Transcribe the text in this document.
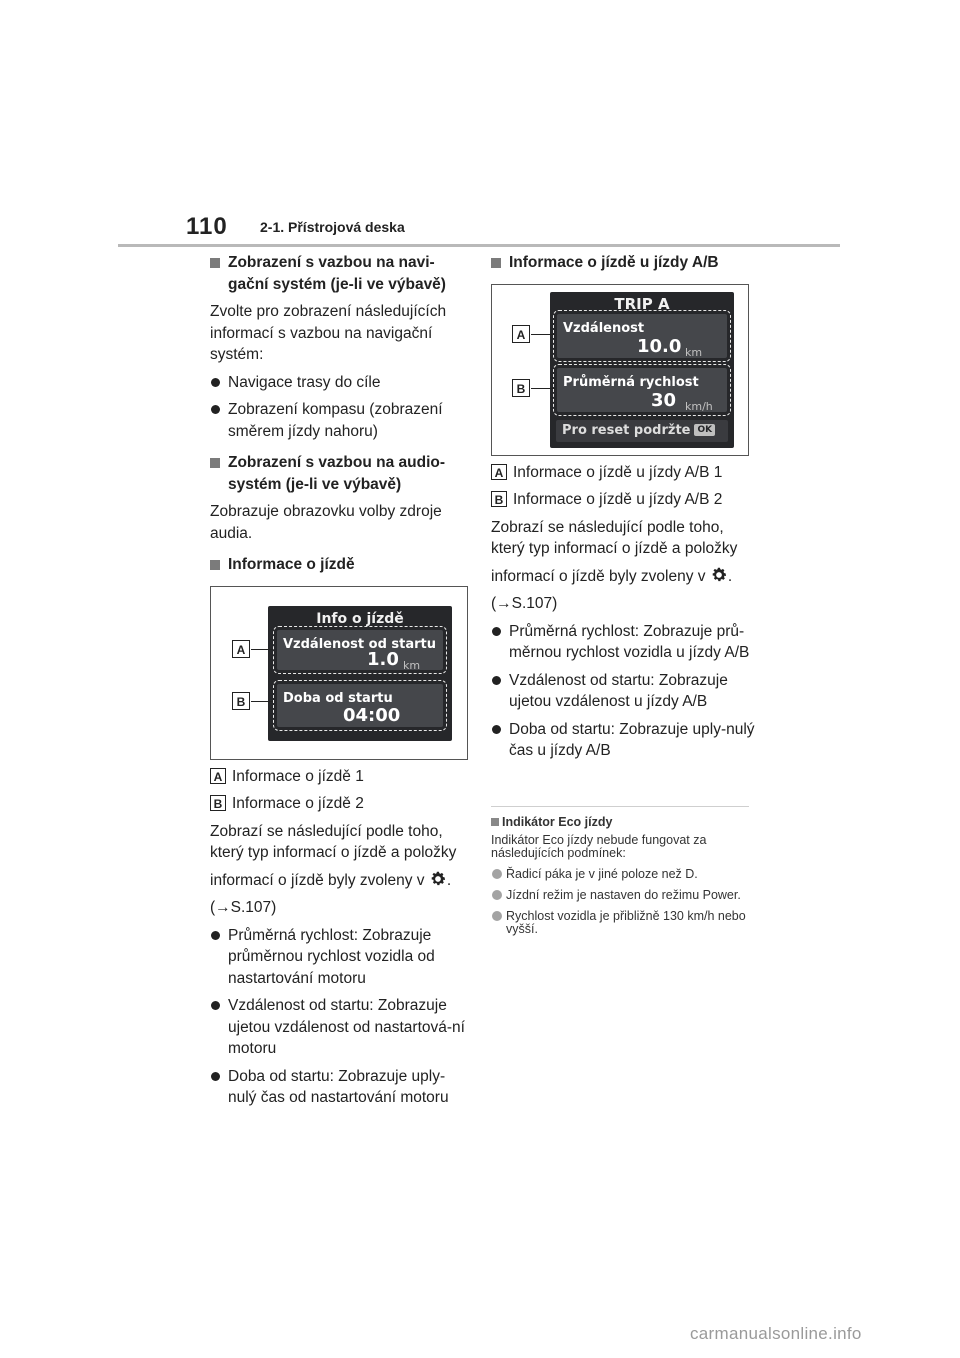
110 2-1. Přístrojová deska

Zobrazení s vazbou na navi-gační systém (je-li ve výbavě)

Zvolte pro zobrazení následujících informací s vazbou na navigační systém:

Navigace trasy do cíle

Zobrazení kompasu (zobrazení směrem jízdy nahoru)

Zobrazení s vazbou na audio-systém (je-li ve výbavě)

Zobrazuje obrazovku volby zdroje audia.

Informace o jízdě

Info o jízdě
Vzdálenost od startu
1.0 km
Doba od startu
04:00
A
B

A Informace o jízdě 1

B Informace o jízdě 2

Zobrazí se následující podle toho, který typ informací o jízdě a položky

informací o jízdě byly zvoleny v .

(→S.107)

Průměrná rychlost: Zobrazuje průměrnou rychlost vozidla od nastartování motoru

Vzdálenost od startu: Zobrazuje ujetou vzdálenost od nastartová-ní motoru

Doba od startu: Zobrazuje uply-nulý čas od nastartování motoru

Informace o jízdě u jízdy A/B

TRIP A
Vzdálenost
10.0 km
Průměrná rychlost
30 km/h
Pro reset podržte OK
A
B

A Informace o jízdě u jízdy A/B 1

B Informace o jízdě u jízdy A/B 2

Zobrazí se následující podle toho, který typ informací o jízdě a položky

informací o jízdě byly zvoleny v .

(→S.107)

Průměrná rychlost: Zobrazuje prů-měrnou rychlost vozidla u jízdy A/B

Vzdálenost od startu: Zobrazuje ujetou vzdálenost u jízdy A/B

Doba od startu: Zobrazuje uply-nulý čas u jízdy A/B

Indikátor Eco jízdy

Indikátor Eco jízdy nebude fungovat za následujících podmínek:

Řadicí páka je v jiné poloze než D.

Jízdní režim je nastaven do režimu Power.

Rychlost vozidla je přibližně 130 km/h nebo vyšší.

carmanualsonline.info
